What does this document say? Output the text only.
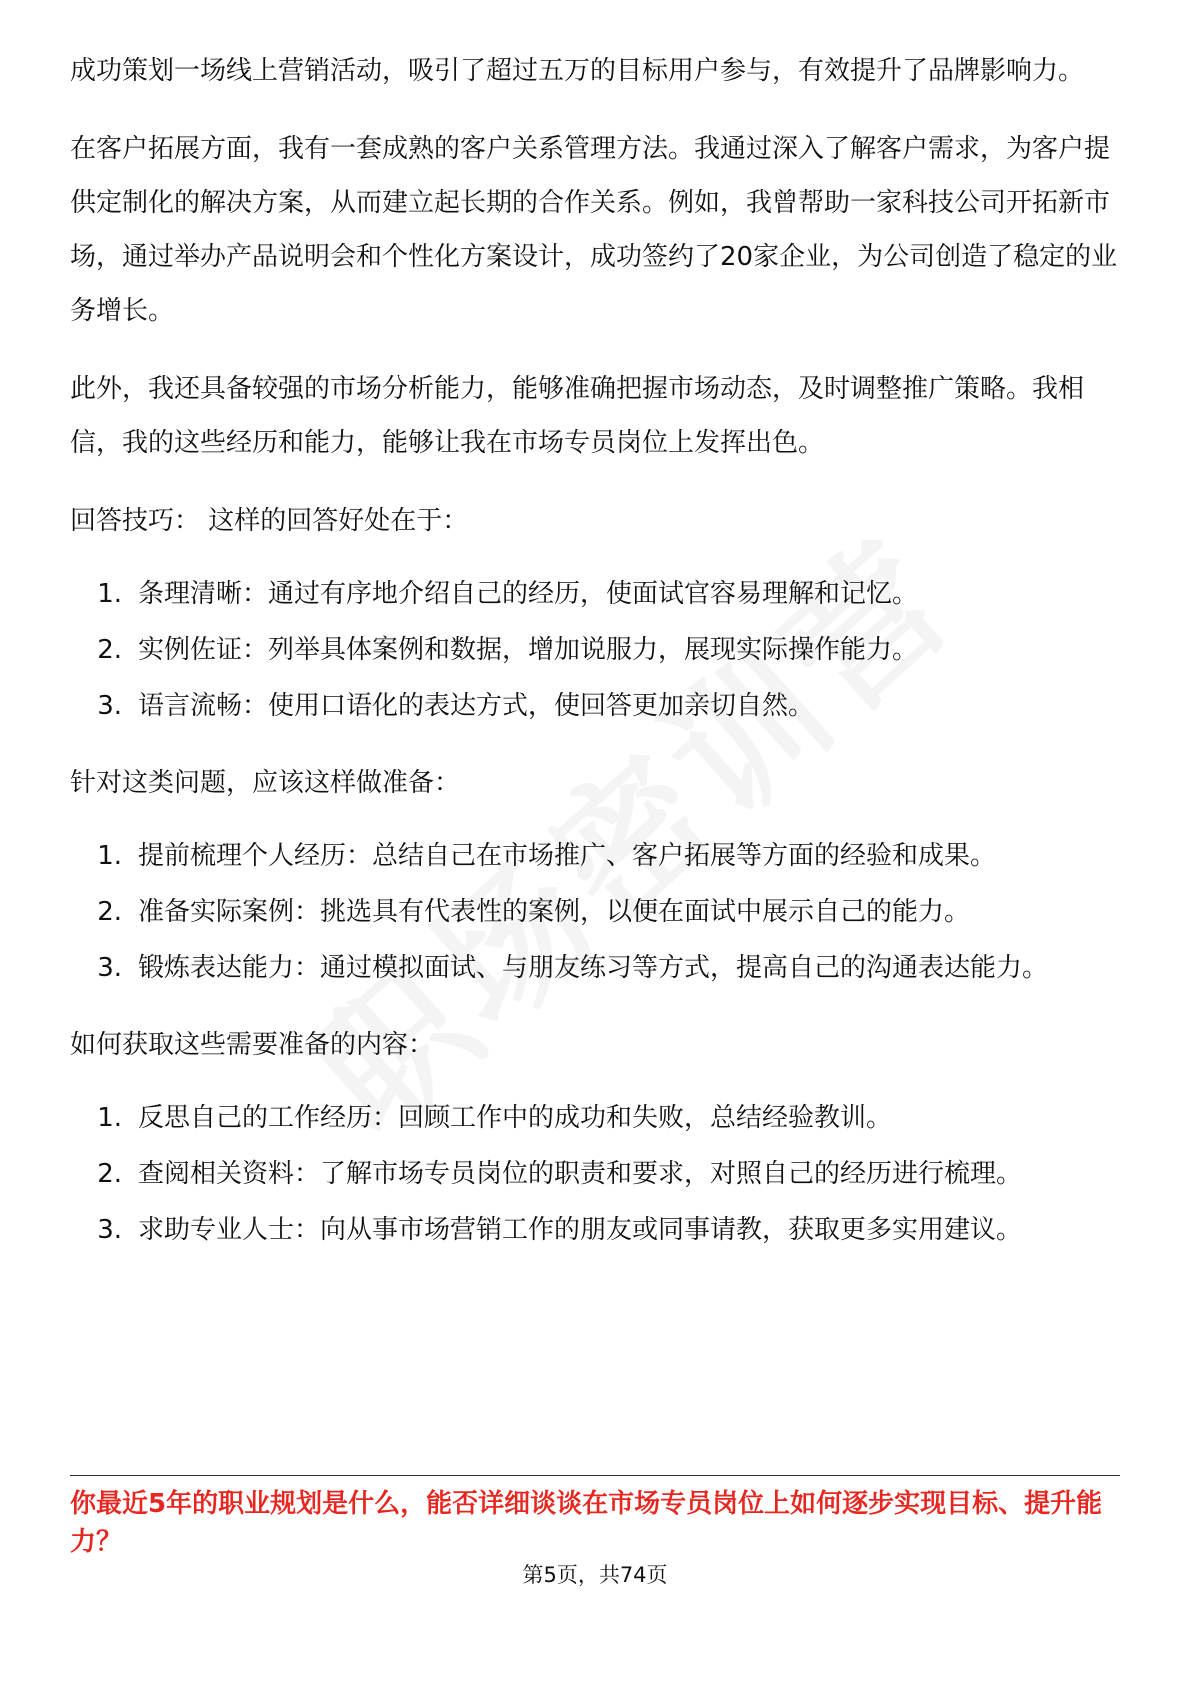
成功策划一场线上营销活动，吸引了超过五万的目标用户参与，有效提升了品牌影响力。

在客户拓展方面，我有一套成熟的客户关系管理方法。我通过深入了解客户需求，为客户提供定制化的解决方案，从而建立起长期的合作关系。例如，我曾帮助一家科技公司开拓新市场，通过举办产品说明会和个性化方案设计，成功签约了20家企业，为公司创造了稳定的业务增长。

此外，我还具备较强的市场分析能力，能够准确把握市场动态，及时调整推广策略。我相信，我的这些经历和能力，能够让我在市场专员岗位上发挥出色。

回答技巧： 这样的回答好处在于：

1. 条理清晰：通过有序地介绍自己的经历，使面试官容易理解和记忆。
2. 实例佐证：列举具体案例和数据，增加说服力，展现实际操作能力。
3. 语言流畅：使用口语化的表达方式，使回答更加亲切自然。

针对这类问题，应该这样做准备：

1. 提前梳理个人经历：总结自己在市场推广、客户拓展等方面的经验和成果。
2. 准备实际案例：挑选具有代表性的案例，以便在面试中展示自己的能力。
3. 锻炼表达能力：通过模拟面试、与朋友练习等方式，提高自己的沟通表达能力。

如何获取这些需要准备的内容：

1. 反思自己的工作经历：回顾工作中的成功和失败，总结经验教训。
2. 查阅相关资料：了解市场专员岗位的职责和要求，对照自己的经历进行梳理。
3. 求助专业人士：向从事市场营销工作的朋友或同事请教，获取更多实用建议。
你最近5年的职业规划是什么，能否详细谈谈在市场专员岗位上如何逐步实现目标、提升能力？
第5页，共74页
